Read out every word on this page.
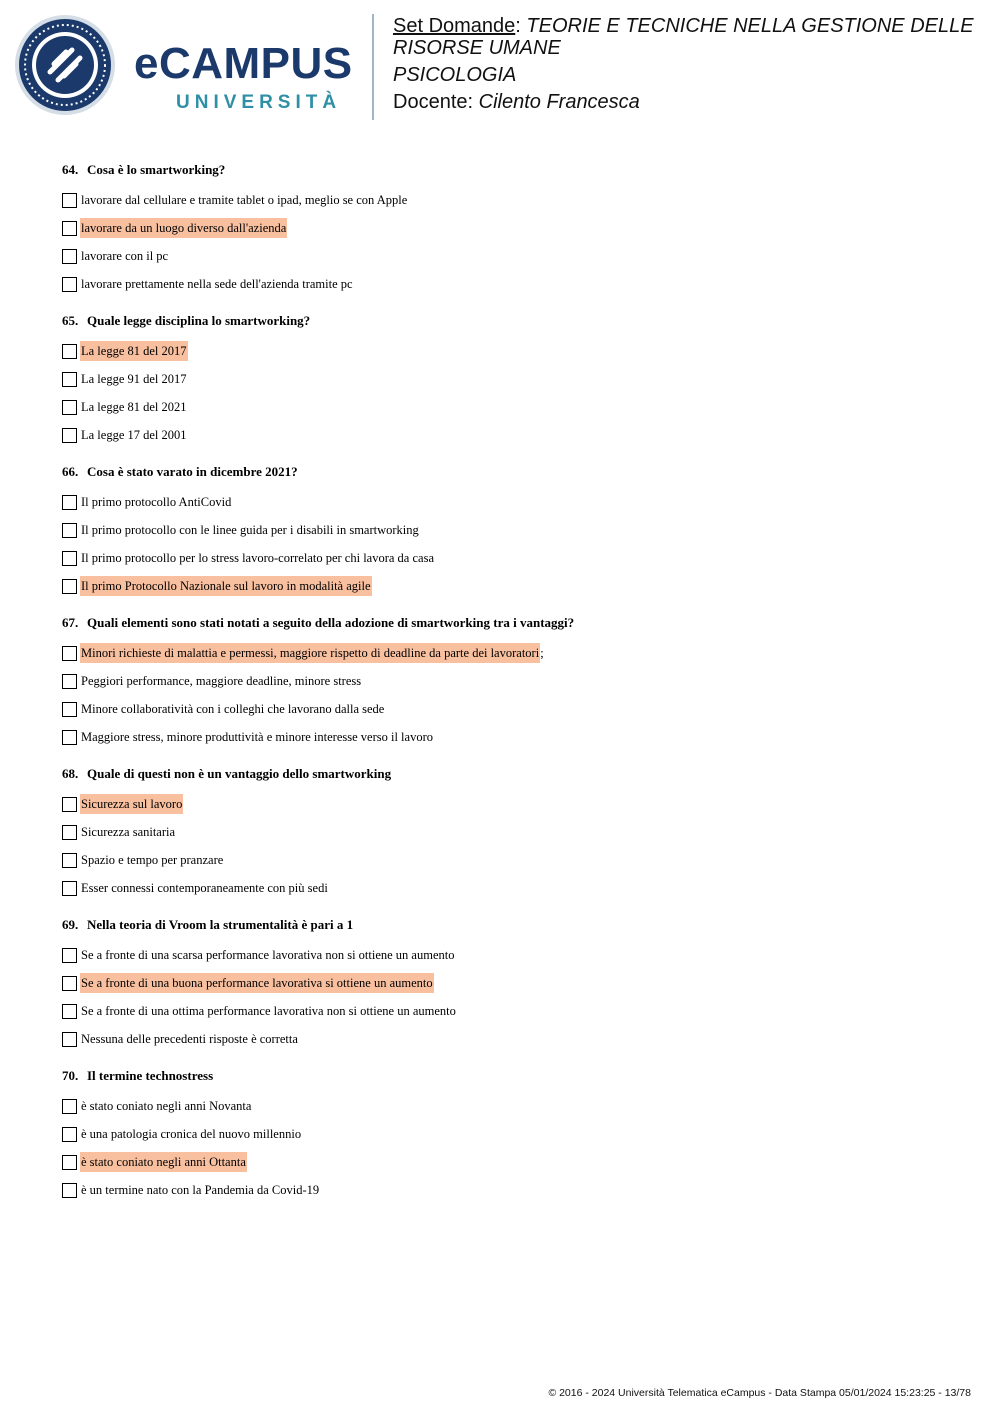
eCAMPUS
UNIVERSITÀ

Set Domande: TEORIE E TECNICHE NELLA GESTIONE DELLE RISORSE UMANE

PSICOLOGIA

Docente: Cilento Francesca

64. Cosa è lo smartworking?
lavorare dal cellulare e tramite tablet o ipad, meglio se con Apple
lavorare da un luogo diverso dall'azienda
lavorare con il pc
lavorare prettamente nella sede dell'azienda tramite pc
65. Quale legge disciplina lo smartworking?
La legge 81 del 2017
La legge 91 del 2017
La legge 81 del 2021
La legge 17 del 2001
66. Cosa è stato varato in dicembre 2021?
Il primo protocollo AntiCovid
Il primo protocollo con le linee guida per i disabili in smartworking
Il primo protocollo per lo stress lavoro-correlato per chi lavora da casa
Il primo Protocollo Nazionale sul lavoro in modalità agile
67. Quali elementi sono stati notati a seguito della adozione di smartworking tra i vantaggi?
Minori richieste di malattia e permessi, maggiore rispetto di deadline da parte dei lavoratori ;
Peggiori performance, maggiore deadline, minore stress
Minore collaboratività con i colleghi che lavorano dalla sede
Maggiore stress, minore produttività e minore interesse verso il lavoro
68. Quale di questi non è un vantaggio dello smartworking
Sicurezza sul lavoro
Sicurezza sanitaria
Spazio e tempo per pranzare
Esser connessi contemporaneamente con più sedi
69. Nella teoria di Vroom la strumentalità è pari a 1
Se a fronte di una scarsa performance lavorativa non si ottiene un aumento
Se a fronte di una buona performance lavorativa si ottiene un aumento
Se a fronte di una ottima performance lavorativa non si ottiene un aumento
Nessuna delle precedenti risposte è corretta
70. Il termine technostress
è stato coniato negli anni Novanta
è una patologia cronica del nuovo millennio
è stato coniato negli anni Ottanta
è un termine nato con la Pandemia da Covid-19
© 2016 - 2024 Università Telematica eCampus - Data Stampa 05/01/2024 15:23:25 - 13/78
